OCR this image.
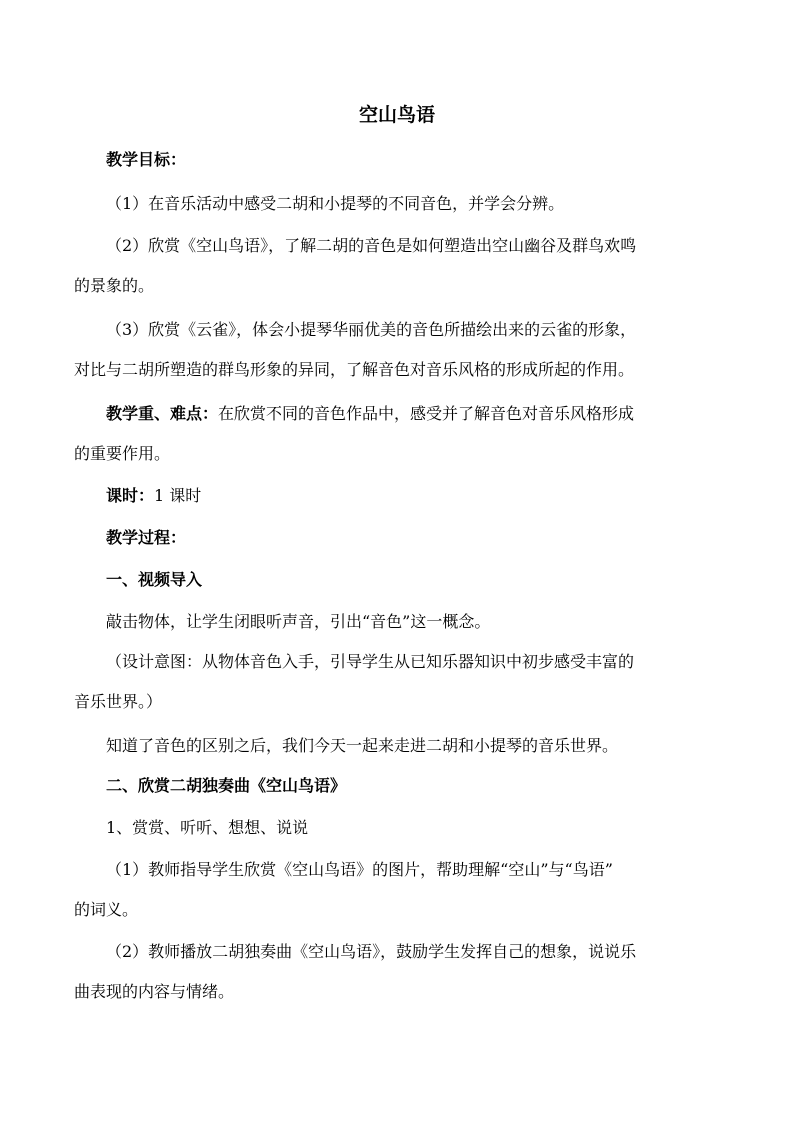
空山鸟语
教学目标：
（1）在音乐活动中感受二胡和小提琴的不同音色，并学会分辨。
（2）欣赏《空山鸟语》，了解二胡的音色是如何塑造出空山幽谷及群鸟欢鸣
的景象的。
（3）欣赏《云雀》，体会小提琴华丽优美的音色所描绘出来的云雀的形象，
对比与二胡所塑造的群鸟形象的异同，了解音色对音乐风格的形成所起的作用。
教学重、难点：在欣赏不同的音色作品中，感受并了解音色对音乐风格形成
的重要作用。
课时：1 课时
教学过程：
一、视频导入
敲击物体，让学生闭眼听声音，引出“音色”这一概念。
（设计意图：从物体音色入手，引导学生从已知乐器知识中初步感受丰富的
音乐世界。）
知道了音色的区别之后，我们今天一起来走进二胡和小提琴的音乐世界。
二、欣赏二胡独奏曲《空山鸟语》
1、赏赏、听听、想想、说说
（1）教师指导学生欣赏《空山鸟语》的图片，帮助理解“空山”与“鸟语”
的词义。
（2）教师播放二胡独奏曲《空山鸟语》，鼓励学生发挥自己的想象，说说乐
曲表现的内容与情绪。
